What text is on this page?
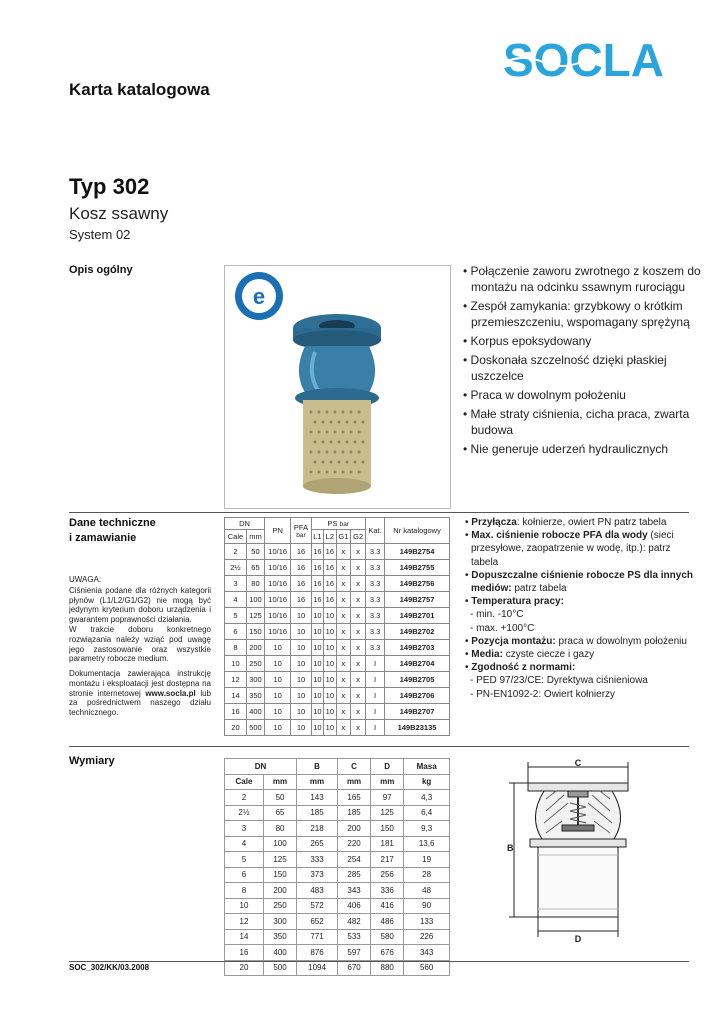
SOCLA
Karta katalogowa
Typ 302
Kosz ssawny
System 02
Opis ogólny
e
• Połączenie zaworu zwrotnego z koszem do montażu na odcinku ssawnym rurociągu
• Zespół zamykania: grzybkowy o krótkim przemieszczeniu, wspomagany sprężyną
• Korpus epoksydowany
• Doskonała szczelność dzięki płaskiej uszczelce
• Praca w dowolnym położeniu
• Małe straty ciśnienia, cicha praca, zwarta budowa
• Nie generuje uderzeń hydraulicznych
Dane techniczne
i zamawianie
UWAGA:
Ciśnienia podane dla różnych kategorii płynów (L1/L2/G1/G2) nie mogą być jedynym kryterium doboru urządzenia i gwarantem poprawności działania.
W trakcie doboru konkretnego rozwiązania należy wziąć pod uwagę jego zastosowanie oraz wszystkie parametry robocze medium.
Dokumentacja zawierająca instrukcję montażu i eksploatacji jest dostępna na stronie internetowej www.socla.pl lub za pośrednictwem naszego działu technicznego.
DN		PN	PFA
bar	PS bar				Kat.	Nr katalogowy
Cale	mm			L1	L2	G1	G2		
2	50	10/16	16	16	16	x	x	3.3	149B2754
2½	65	10/16	16	16	16	x	x	3.3	149B2755
3	80	10/16	16	16	16	x	x	3.3	149B2756
4	100	10/16	16	16	16	x	x	3.3	149B2757
5	125	10/16	10	10	10	x	x	3.3	149B2701
6	150	10/16	10	10	10	x	x	3.3	149B2702
8	200	10	10	10	10	x	x	3.3	149B2703
10	250	10	10	10	10	x	x	I	149B2704
12	300	10	10	10	10	x	x	I	149B2705
14	350	10	10	10	10	x	x	I	149B2706
16	400	10	10	10	10	x	x	I	149B2707
20	500	10	10	10	10	x	x	I	149B23135
• Przyłącza: kołnierze, owiert PN patrz tabela
• Max. ciśnienie robocze PFA dla wody (sieci przesyłowe, zaopatrzenie w wodę, itp.): patrz tabela
• Dopuszczalne ciśnienie robocze PS dla innych mediów: patrz tabela
• Temperatura pracy:
- min. -10°C
- max. +100°C
• Pozycja montażu: praca w dowolnym położeniu
• Media: czyste ciecze i gazy
• Zgodność z normami:
- PED 97/23/CE: Dyrektywa ciśnieniowa
- PN-EN1092-2: Owiert kołnierzy
Wymiary	DN		B	C	D	Masa
Cale	mm	mm	mm	mm	kg
2	50	143	165	97	4,3
2½	65	185	185	125	6,4
3	80	218	200	150	9,3
4	100	265	220	181	13,6
5	125	333	254	217	19
6	150	373	285	256	28
8	200	483	343	336	48
10	250	572	406	416	90
12	300	652	482	486	133
14	350	771	533	580	226
16	400	876	597	676	343
20	500	1094	670	880	560
C
B
D
SOC_302/KK/03.2008
